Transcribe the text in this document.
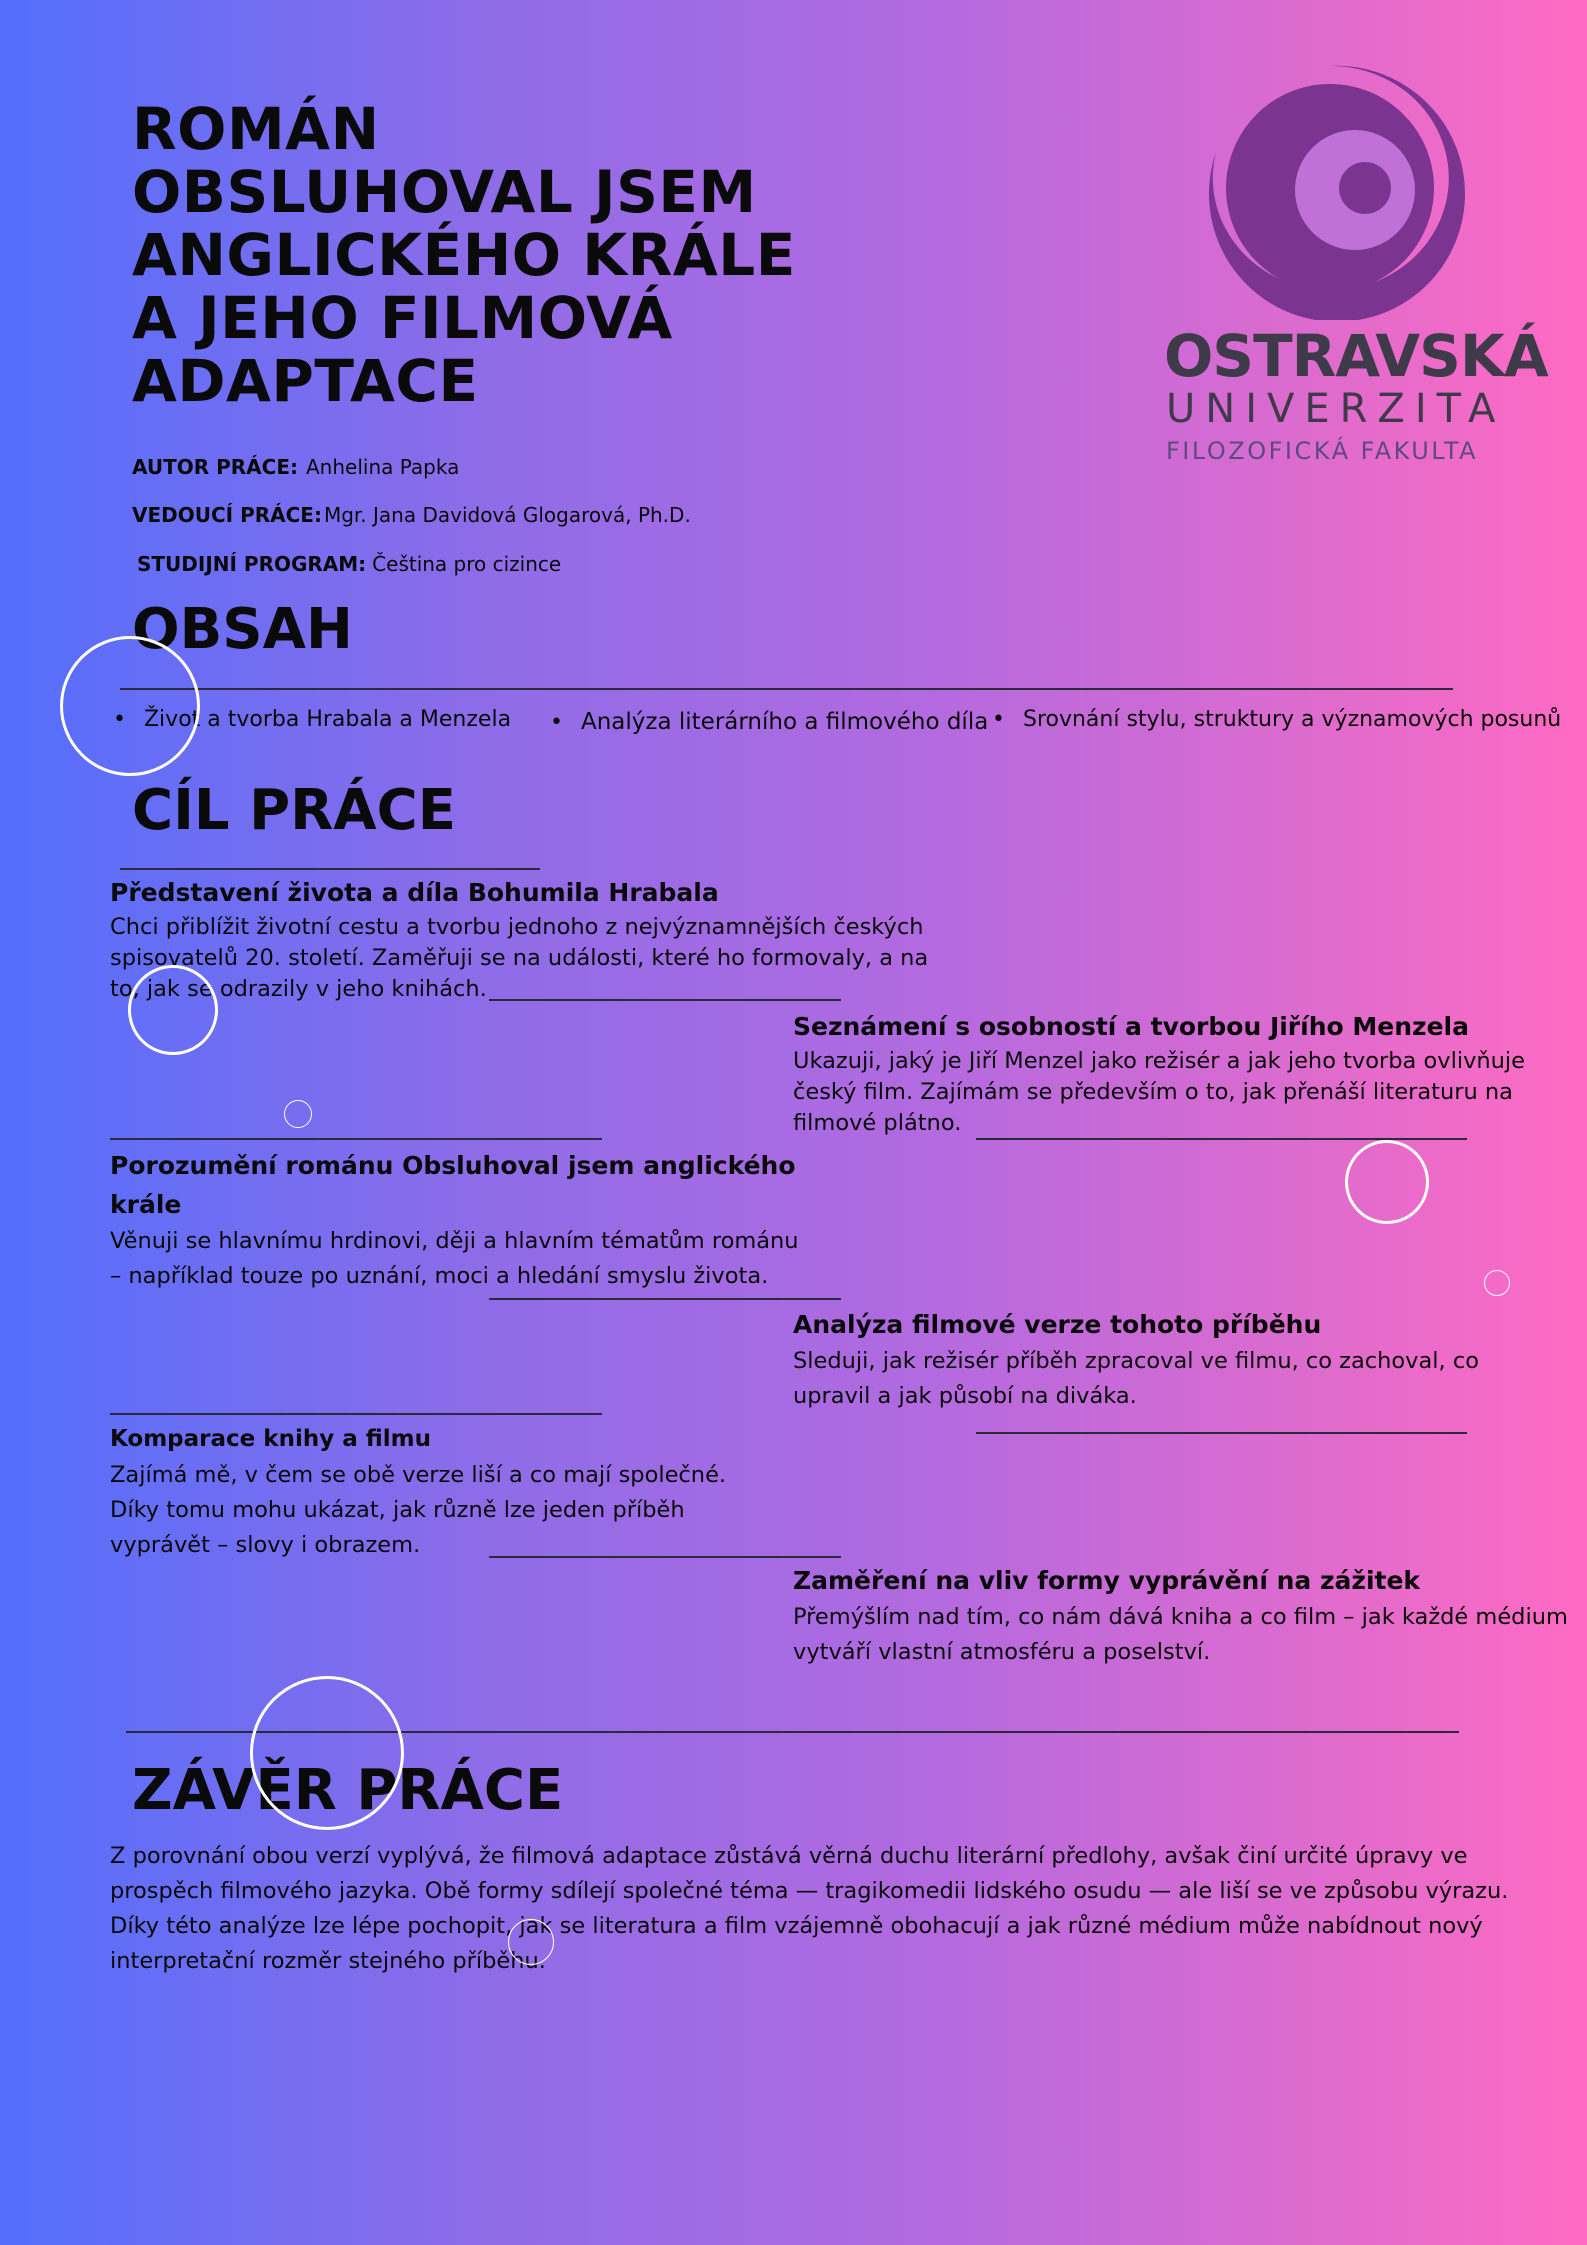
ROMÁN
OBSLUHOVAL JSEM
ANGLICKÉHO KRÁLE
A JEHO FILMOVÁ
ADAPTACE
AUTOR PRÁCE: Anhelina Papka
VEDOUCÍ PRÁCE: Mgr. Jana Davidová Glogarová, Ph.D.
STUDIJNÍ PROGRAM: Čeština pro cizince
OSTRAVSKÁ
UNIVERZITA
FILOZOFICKÁ FAKULTA
OBSAH
• Život a tvorba Hrabala a Menzela	• Analýza literárního a filmového díla	• Srovnání stylu, struktury a významových posunů
CÍL PRÁCE

Představení života a díla Bohumila Hrabala

Chci přiblížit životní cestu a tvorbu jednoho z nejvýznamnějších českých spisovatelů 20. století. Zaměřuji se na události, které ho formovaly, a na to, jak se odrazily v jeho knihách.

Seznámení s osobností a tvorbou Jiřího Menzela

Ukazuji, jaký je Jiří Menzel jako režisér a jak jeho tvorba ovlivňuje český film. Zajímám se především o to, jak přenáší literaturu na filmové plátno.

Porozumění románu Obsluhoval jsem anglického krále

Věnuji se hlavnímu hrdinovi, ději a hlavním tématům románu – například touze po uznání, moci a hledání smyslu života.

Analýza filmové verze tohoto příběhu

Sleduji, jak režisér příběh zpracoval ve filmu, co zachoval, co upravil a jak působí na diváka.

Komparace knihy a filmu

Zajímá mě, v čem se obě verze liší a co mají společné. Díky tomu mohu ukázat, jak různě lze jeden příběh vyprávět – slovy i obrazem.

Zaměření na vliv formy vyprávění na zážitek

Přemýšlím nad tím, co nám dává kniha a co film – jak každé médium vytváří vlastní atmosféru a poselství.

ZÁVĚR PRÁCE

Z porovnání obou verzí vyplývá, že filmová adaptace zůstává věrná duchu literární předlohy, avšak činí určité úpravy ve prospěch filmového jazyka. Obě formy sdílejí společné téma — tragikomedii lidského osudu — ale liší se ve způsobu výrazu. Díky této analýze lze lépe pochopit, jak se literatura a film vzájemně obohacují a jak různé médium může nabídnout nový interpretační rozměr stejného příběhu.
